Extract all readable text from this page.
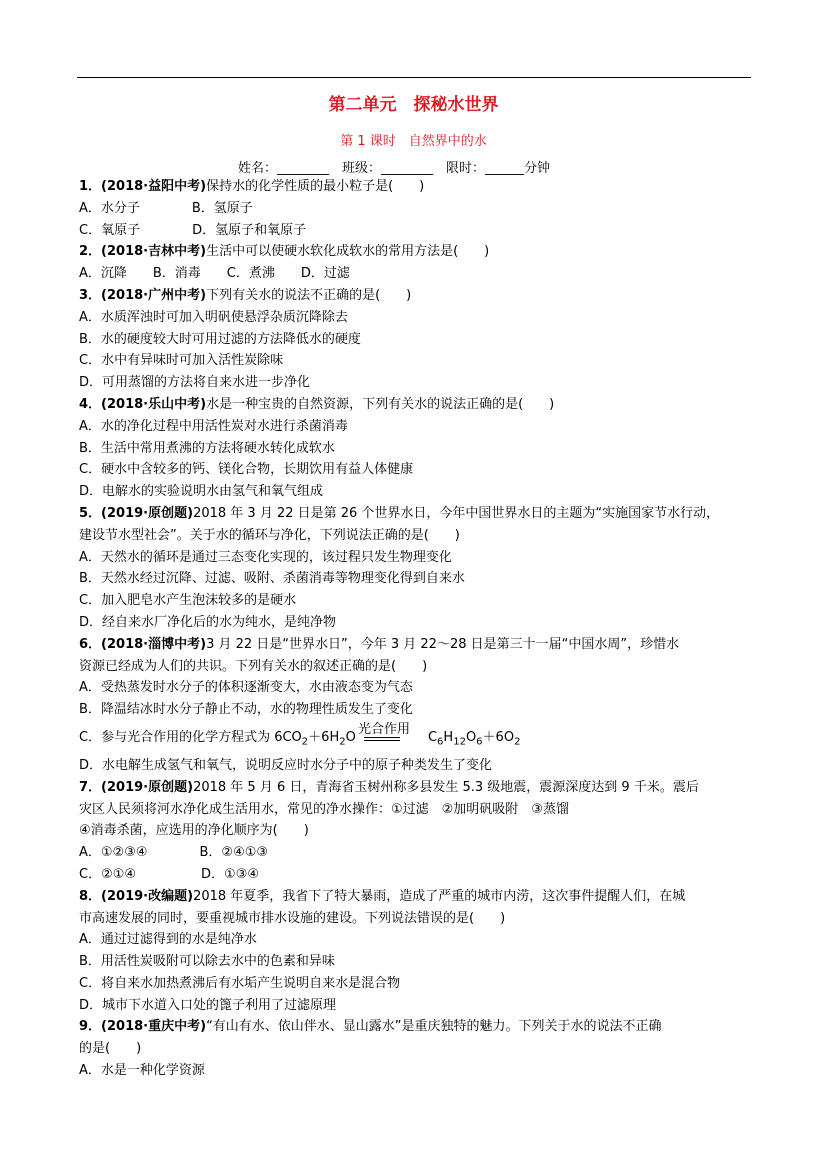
第二单元　探秘水世界
第 1 课时　自然界中的水
姓名：________　班级：________　限时：______分钟
1．(2018·益阳中考)保持水的化学性质的最小粒子是(　　)
A．水分子　　　　B．氢原子
C．氧原子　　　　D．氢原子和氧原子
2．(2018·吉林中考)生活中可以使硬水软化成软水的常用方法是(　　)
A．沉降　　B．消毒　　C．煮沸　　D．过滤
3．(2018·广州中考)下列有关水的说法不正确的是(　　)
A．水质浑浊时可加入明矾使悬浮杂质沉降除去
B．水的硬度较大时可用过滤的方法降低水的硬度
C．水中有异味时可加入活性炭除味
D．可用蒸馏的方法将自来水进一步净化
4．(2018·乐山中考)水是一种宝贵的自然资源，下列有关水的说法正确的是(　　)
A．水的净化过程中用活性炭对水进行杀菌消毒
B．生活中常用煮沸的方法将硬水转化成软水
C．硬水中含较多的钙、镁化合物，长期饮用有益人体健康
D．电解水的实验说明水由氢气和氧气组成
5．(2019·原创题)2018 年 3 月 22 日是第 26 个世界水日，今年中国世界水日的主题为“实施国家节水行动，
建设节水型社会”。关于水的循环与净化，下列说法正确的是(　　)
A．天然水的循环是通过三态变化实现的，该过程只发生物理变化
B．天然水经过沉降、过滤、吸附、杀菌消毒等物理变化得到自来水
C．加入肥皂水产生泡沫较多的是硬水
D．经自来水厂净化后的水为纯水，是纯净物
6．(2018·淄博中考)3 月 22 日是“世界水日”，今年 3 月 22～28 日是第三十一届“中国水周”，珍惜水
资源已经成为人们的共识。下列有关水的叙述正确的是(　　)
A．受热蒸发时水分子的体积逐渐变大，水由液态变为气态
B．降温结冰时水分子静止不动，水的物理性质发生了变化
C．参与光合作用的化学方程式为 $6CO_2+6H_2O$ 光合作用 $C_6H_{12}O_6+6O_2$
D．水电解生成氢气和氧气，说明反应时水分子中的原子种类发生了变化
7．(2019·原创题)2018 年 5 月 6 日，青海省玉树州称多县发生 5.3 级地震，震源深度达到 9 千米。震后
灾区人民须将河水净化成生活用水，常见的净水操作：①过滤　②加明矾吸附　③蒸馏
④消毒杀菌，应选用的净化顺序为(　　)
A．①②③④　　　　B．②④①③
C．②①④　　　　　D．①③④
8．(2019·改编题)2018 年夏季，我省下了特大暴雨，造成了严重的城市内涝，这次事件提醒人们，在城
市高速发展的同时，要重视城市排水设施的建设。下列说法错误的是(　　)
A．通过过滤得到的水是纯净水
B．用活性炭吸附可以除去水中的色素和异味
C．将自来水加热煮沸后有水垢产生说明自来水是混合物
D．城市下水道入口处的篦子利用了过滤原理
9．(2018·重庆中考)“有山有水、依山伴水、显山露水”是重庆独特的魅力。下列关于水的说法不正确
的是(　　)
A．水是一种化学资源
